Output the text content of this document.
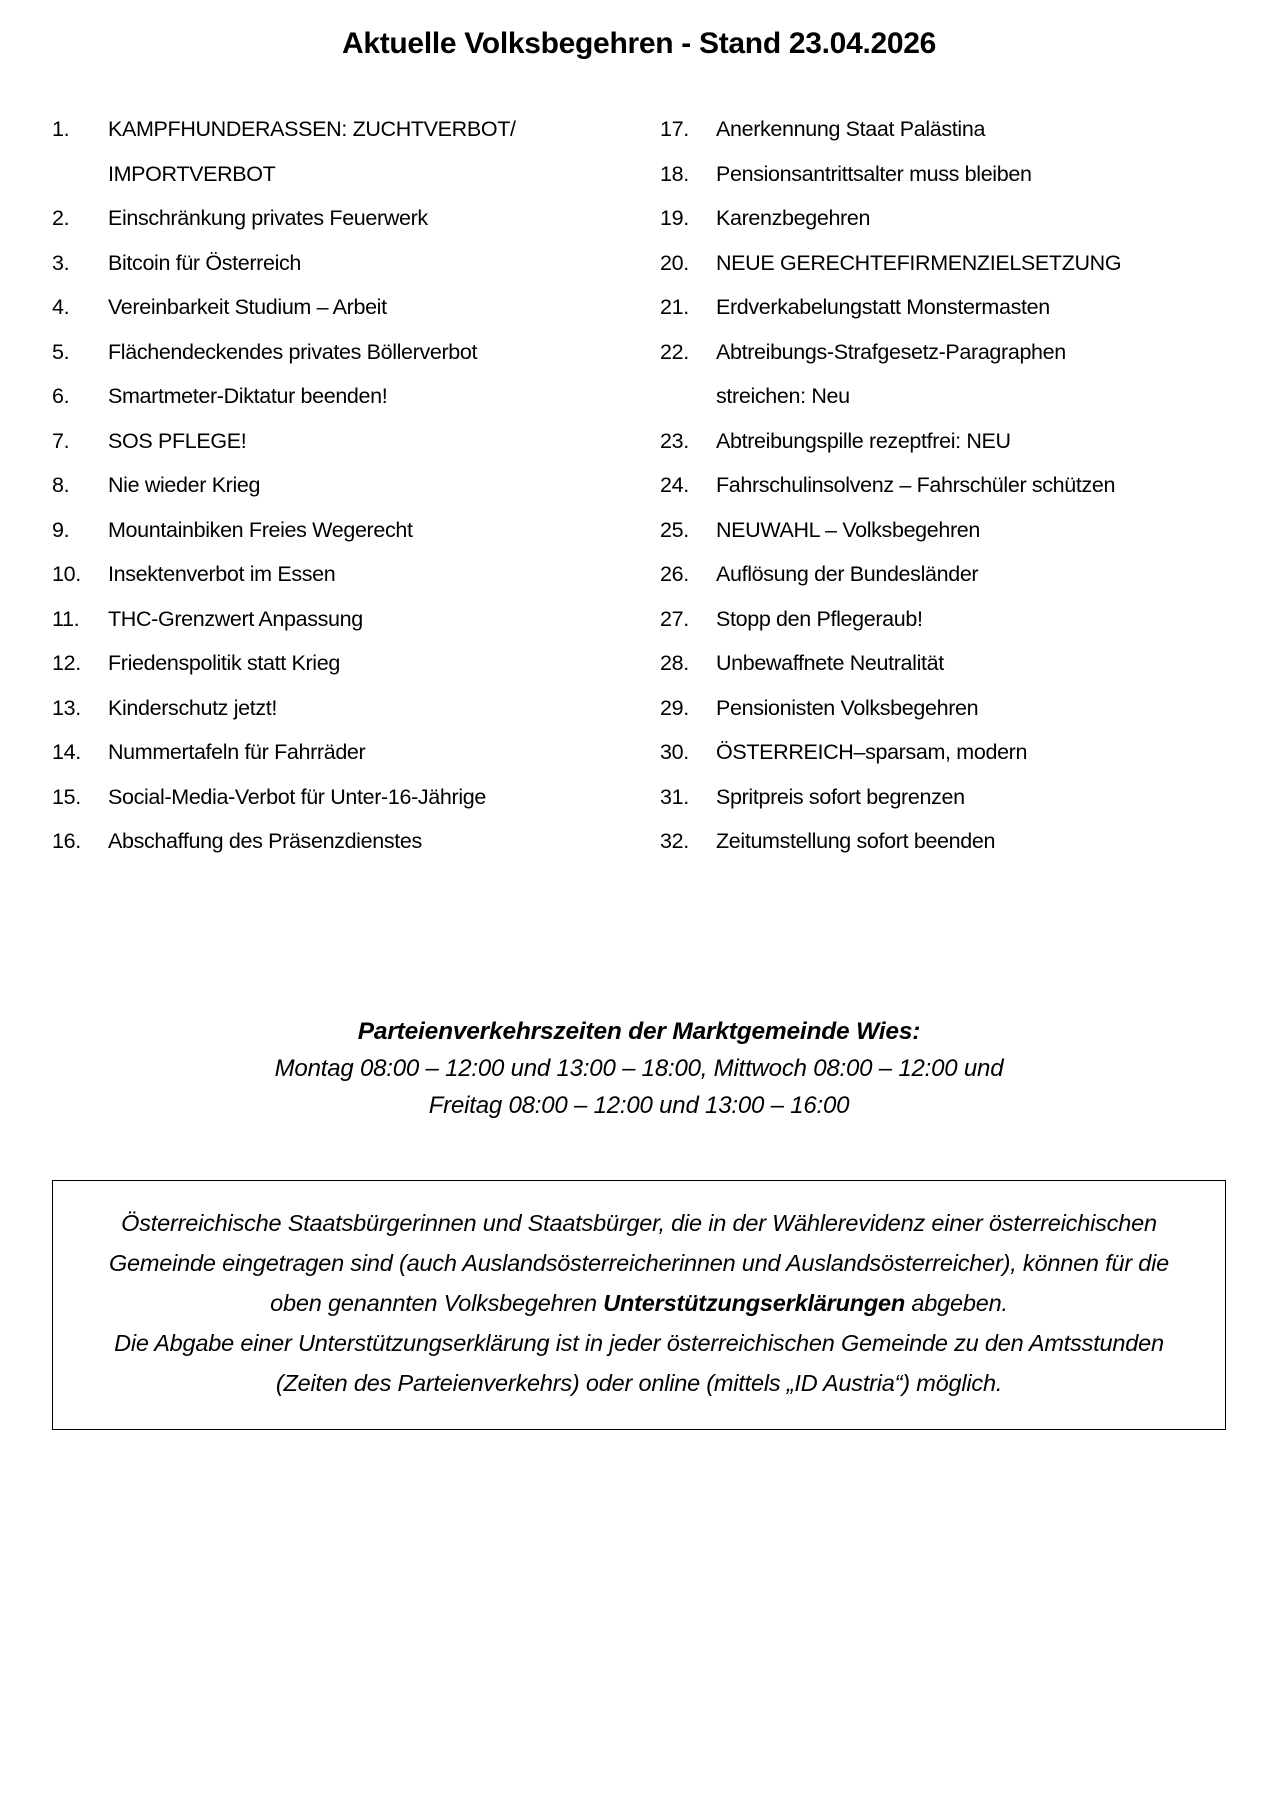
Aktuelle Volksbegehren - Stand 23.04.2026
1.	KAMPFHUNDERASSEN: ZUCHTVERBOT/
IMPORTVERBOT
2.	Einschränkung privates Feuerwerk
3.	Bitcoin für Österreich
4.	Vereinbarkeit Studium – Arbeit
5.	Flächendeckendes privates Böllerverbot
6.	Smartmeter-Diktatur beenden!
7.	SOS PFLEGE!
8.	Nie wieder Krieg
9.	Mountainbiken Freies Wegerecht
10.	Insektenverbot im Essen
11.	THC-Grenzwert Anpassung
12.	Friedenspolitik statt Krieg
13.	Kinderschutz jetzt!
14.	Nummertafeln für Fahrräder
15.	Social-Media-Verbot für Unter-16-Jährige
16.	Abschaffung des Präsenzdienstes
17.	Anerkennung Staat Palästina
18.	Pensionsantrittsalter muss bleiben
19.	Karenzbegehren
20.	NEUE GERECHTEFIRMENZIELSETZUNG
21.	Erdverkabelungstatt Monstermasten
22.	Abtreibungs-Strafgesetz-Paragraphen
streichen: Neu
23.	Abtreibungspille rezeptfrei: NEU
24.	Fahrschulinsolvenz – Fahrschüler schützen
25.	NEUWAHL – Volksbegehren
26.	Auflösung der Bundesländer
27.	Stopp den Pflegeraub!
28.	Unbewaffnete Neutralität
29.	Pensionisten Volksbegehren
30.	ÖSTERREICH–sparsam, modern
31.	Spritpreis sofort begrenzen
32.	Zeitumstellung sofort beenden
Parteienverkehrszeiten der Marktgemeinde Wies:
Montag 08:00 – 12:00 und 13:00 – 18:00, Mittwoch 08:00 – 12:00 und
Freitag 08:00 – 12:00 und 13:00 – 16:00

Österreichische Staatsbürgerinnen und Staatsbürger, die in der Wählerevidenz einer österreichischen Gemeinde eingetragen sind (auch Auslandsösterreicherinnen und Auslandsösterreicher), können für die oben genannten Volksbegehren Unterstützungserklärungen abgeben.

Die Abgabe einer Unterstützungserklärung ist in jeder österreichischen Gemeinde zu den Amtsstunden (Zeiten des Parteienverkehrs) oder online (mittels „ID Austria“) möglich.
